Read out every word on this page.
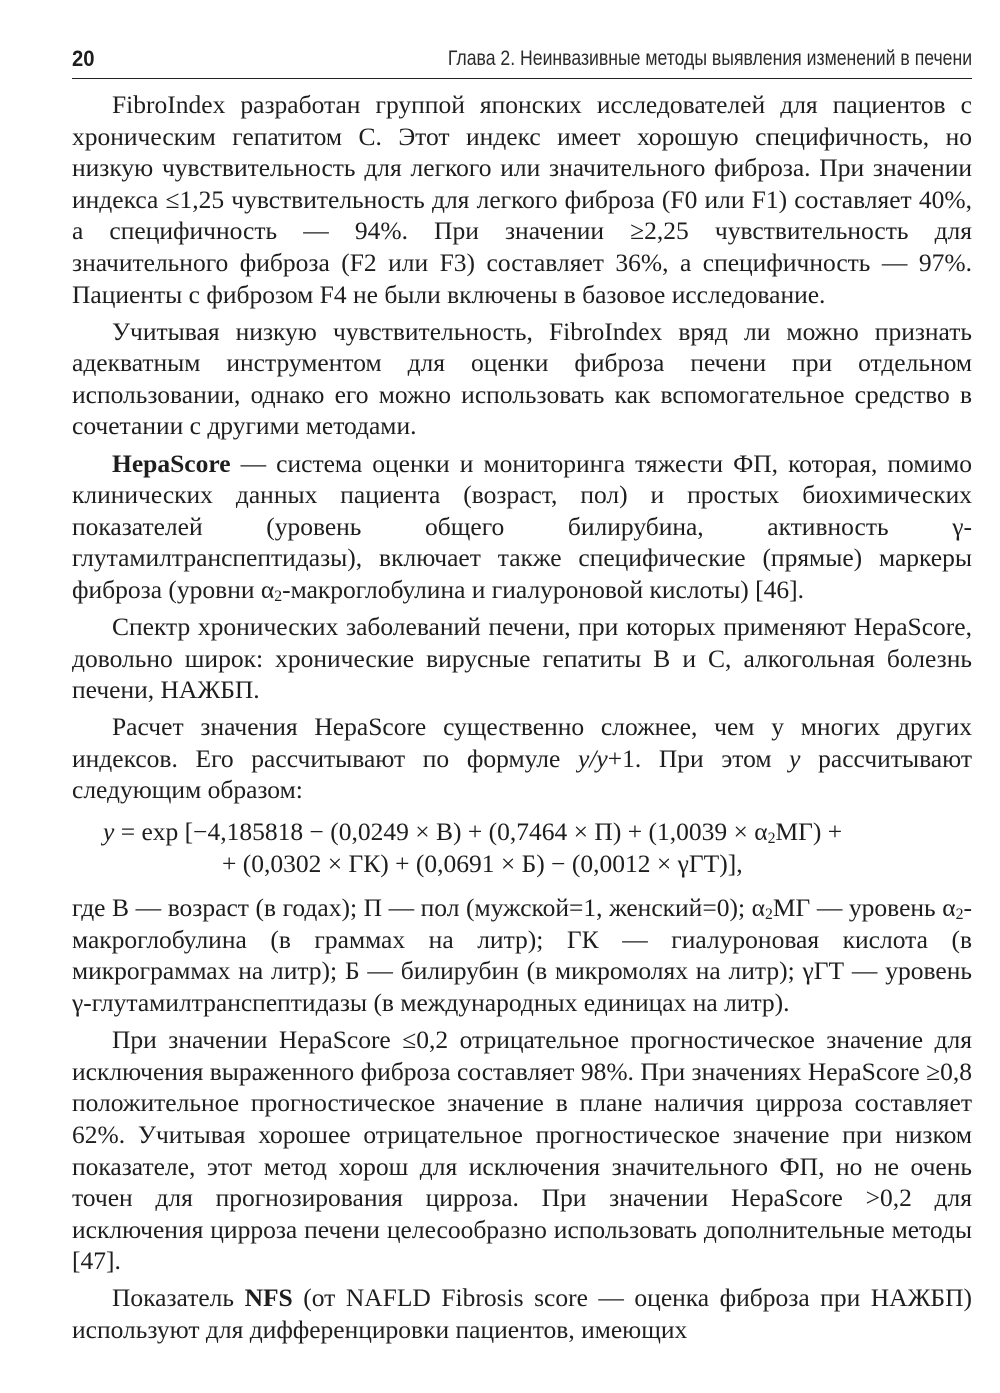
20	Глава 2. Неинвазивные методы выявления изменений в печени

FibroIndex разработан группой японских исследователей для пациентов с хроническим гепатитом С. Этот индекс имеет хорошую специфичность, но низкую чувствительность для легкого или значительного фиброза. При значении индекса ≤1,25 чувствительность для легкого фиброза (F0 или F1) составляет 40%, а специфичность — 94%. При значении ≥2,25 чувствительность для значительного фиброза (F2 или F3) составляет 36%, а специфичность — 97%. Пациенты с фиброзом F4 не были включены в базовое исследование.

Учитывая низкую чувствительность, FibroIndex вряд ли можно признать адекватным инструментом для оценки фиброза печени при отдельном использовании, однако его можно использовать как вспомогательное средство в сочетании с другими методами.

HepaScore — система оценки и мониторинга тяжести ФП, которая, помимо клинических данных пациента (возраст, пол) и простых биохимических показателей (уровень общего билирубина, активность γ-глутамилтранспептидазы), включает также специфические (прямые) маркеры фиброза (уровни $\alpha_2$-макроглобулина и гиалуроновой кислоты) [46].

Спектр хронических заболеваний печени, при которых применяют HepaScore, довольно широк: хронические вирусные гепатиты В и С, алкогольная болезнь печени, НАЖБП.

Расчет значения HepaScore существенно сложнее, чем у многих других индексов. Его рассчитывают по формуле y/y+1. При этом y рассчитывают следующим образом:

$y = \exp [-4,185818 - (0,0249 \times В) + (0,7464 \times П) + (1,0039 \times \alpha_2МГ)$ +
+ (0,0302 × ГК) + (0,0691 × Б) − (0,0012 × γГТ)],

где В — возраст (в годах); П — пол (мужской=1, женский=0); $\alpha_2МГ$ — уровень $\alpha_2$-макроглобулина (в граммах на литр); ГК — гиалуроновая кислота (в микрограммах на литр); Б — билирубин (в микромолях на литр); γГТ — уровень γ-глутамилтранспептидазы (в международных единицах на литр).

При значении HepaScore ≤0,2 отрицательное прогностическое значение для исключения выраженного фиброза составляет 98%. При значениях HepaScore ≥0,8 положительное прогностическое значение в плане наличия цирроза составляет 62%. Учитывая хорошее отрицательное прогностическое значение при низком показателе, этот метод хорош для исключения значительного ФП, но не очень точен для прогнозирования цирроза. При значении HepaScore >0,2 для исключения цирроза печени целесообразно использовать дополнительные методы [47].

Показатель NFS (от NAFLD Fibrosis score — оценка фиброза при НАЖБП) используют для дифференцировки пациентов, имеющих
